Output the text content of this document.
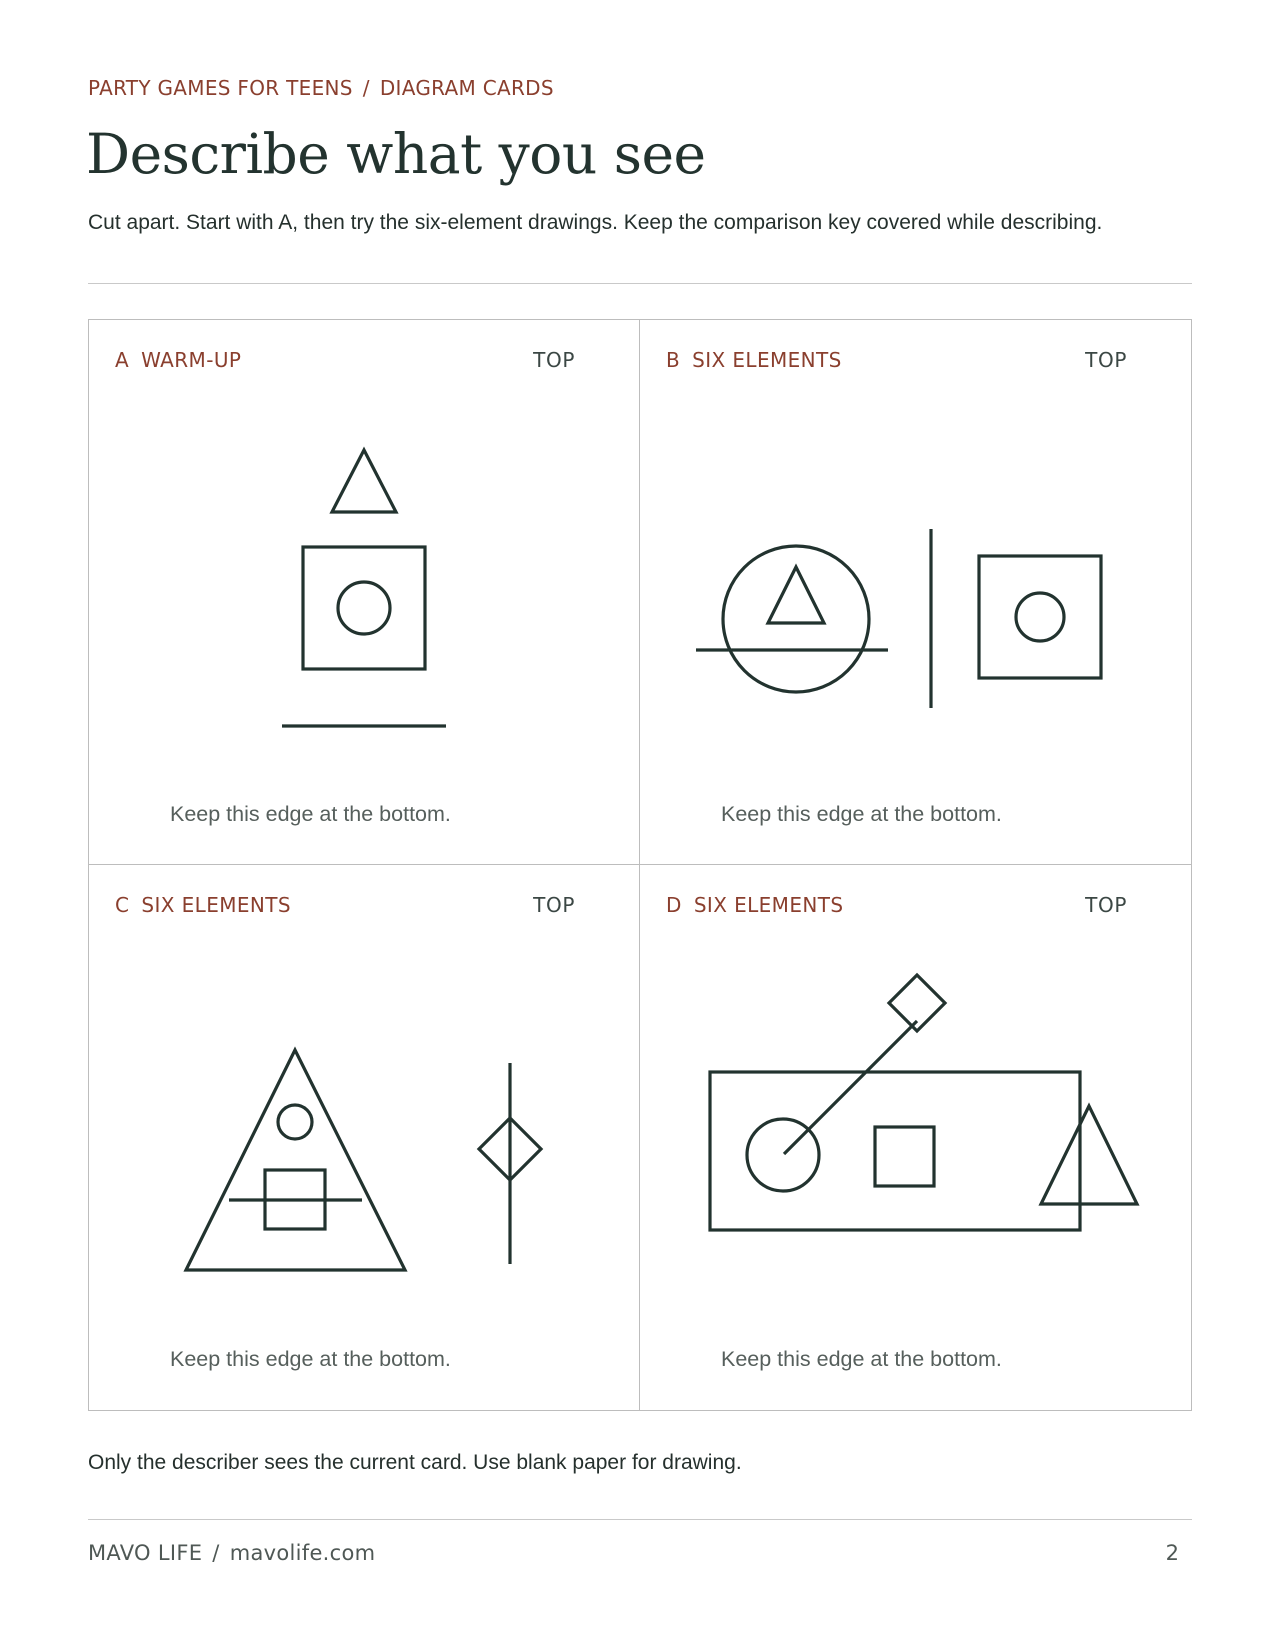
PARTY GAMES FOR TEENS / DIAGRAM CARDS
Describe what you see

Cut apart. Start with A, then try the six-element drawings. Keep the comparison key covered while describing.

A WARM-UP	TOP
Keep this edge at the bottom.
B SIX ELEMENTS	TOP
Keep this edge at the bottom.
C SIX ELEMENTS	TOP
Keep this edge at the bottom.
D SIX ELEMENTS	TOP
Keep this edge at the bottom.

Only the describer sees the current card. Use blank paper for drawing.

MAVO LIFE / mavolife.com	2
